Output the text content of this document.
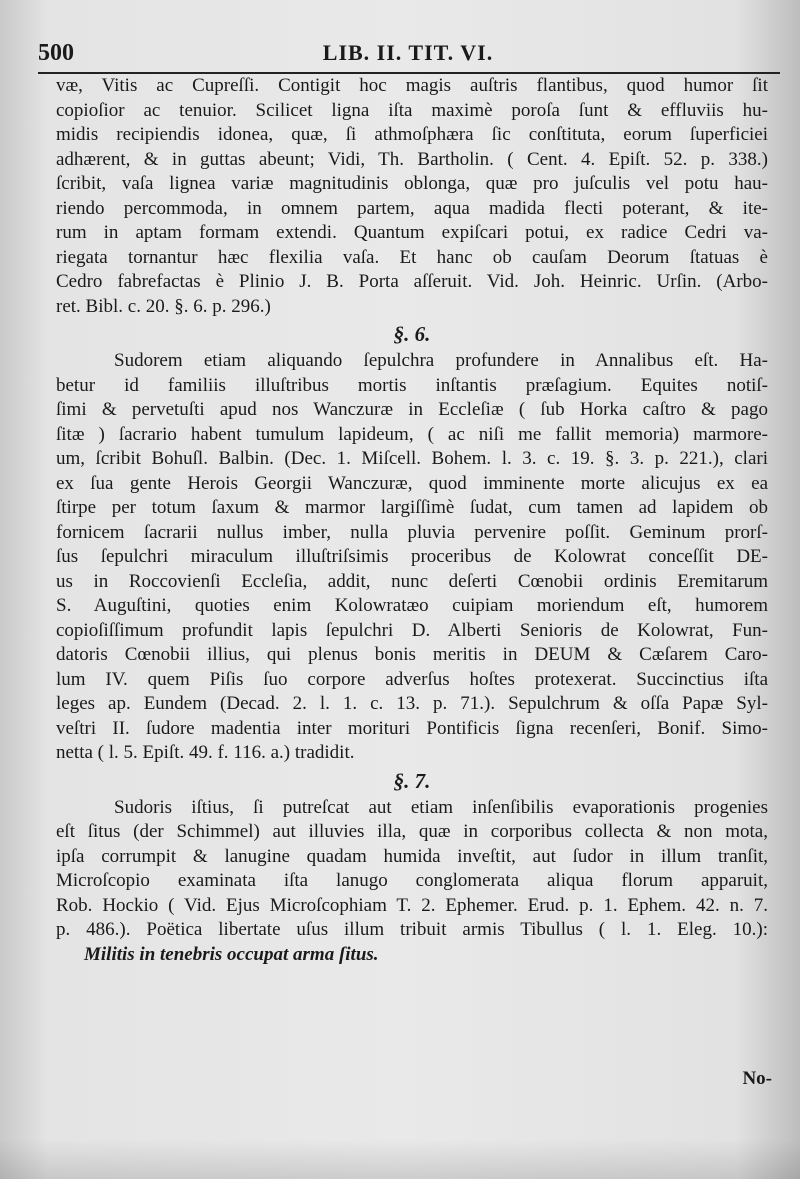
500	LIB. II. TIT. VI.
væ, Vitis ac Cupreſſi. Contigit hoc magis auſtris flantibus, quod humor ſit
copioſior ac tenuior. Scilicet ligna iſta maximè poroſa ſunt & effluviis hu-
midis recipiendis idonea, quæ, ſi athmoſphæra ſic conſtituta, eorum ſuperficiei
adhærent, & in guttas abeunt; Vidi, Th. Bartholin. ( Cent. 4. Epiſt. 52. p. 338.)
ſcribit, vaſa lignea variæ magnitudinis oblonga, quæ pro juſculis vel potu hau-
riendo percommoda, in omnem partem, aqua madida flecti poterant, & ite-
rum in aptam formam extendi. Quantum expiſcari potui, ex radice Cedri va-
riegata tornantur hæc flexilia vaſa. Et hanc ob cauſam Deorum ſtatuas è
Cedro fabrefactas è Plinio J. B. Porta aſſeruit. Vid. Joh. Heinric. Urſin. (Arbo-
ret. Bibl. c. 20. §. 6. p. 296.)
§. 6.
Sudorem etiam aliquando ſepulchra profundere in Annalibus eſt. Ha-
betur id familiis illuſtribus mortis inſtantis præſagium. Equites notiſ-
ſimi & pervetuſti apud nos Wanczuræ in Eccleſiæ ( ſub Horka caſtro & pago
ſitæ ) ſacrario habent tumulum lapideum, ( ac niſi me fallit memoria) marmore-
um, ſcribit Bohuſl. Balbin. (Dec. 1. Miſcell. Bohem. l. 3. c. 19. §. 3. p. 221.), clari
ex ſua gente Herois Georgii Wanczuræ, quod imminente morte alicujus ex ea
ſtirpe per totum ſaxum & marmor largiſſimè ſudat, cum tamen ad lapidem ob
fornicem ſacrarii nullus imber, nulla pluvia pervenire poſſit. Geminum prorſ-
ſus ſepulchri miraculum illuſtriſsimis proceribus de Kolowrat conceſſit DE-
us in Roccovienſi Eccleſia, addit, nunc deſerti Cœnobii ordinis Eremitarum
S. Auguſtini, quoties enim Kolowratæo cuipiam moriendum eſt, humorem
copioſiſſimum profundit lapis ſepulchri D. Alberti Senioris de Kolowrat, Fun-
datoris Cœnobii illius, qui plenus bonis meritis in DEUM & Cæſarem Caro-
lum IV. quem Piſis ſuo corpore adverſus hoſtes protexerat. Succinctius iſta
leges ap. Eundem (Decad. 2. l. 1. c. 13. p. 71.). Sepulchrum & oſſa Papæ Syl-
veſtri II. ſudore madentia inter morituri Pontificis ſigna recenſeri, Bonif. Simo-
netta ( l. 5. Epiſt. 49. f. 116. a.) tradidit.
§. 7.
Sudoris iſtius, ſi putreſcat aut etiam inſenſibilis evaporationis progenies
eſt ſitus (der Schimmel) aut illuvies illa, quæ in corporibus collecta & non mota,
ipſa corrumpit & lanugine quadam humida inveſtit, aut ſudor in illum tranſit,
Microſcopio examinata iſta lanugo conglomerata aliqua florum apparuit,
Rob. Hockio ( Vid. Ejus Microſcophiam T. 2. Ephemer. Erud. p. 1. Ephem. 42. n. 7.
p. 486.). Poëtica libertate uſus illum tribuit armis Tibullus ( l. 1. Eleg. 10.):
Militis in tenebris occupat arma ſitus.
No-
